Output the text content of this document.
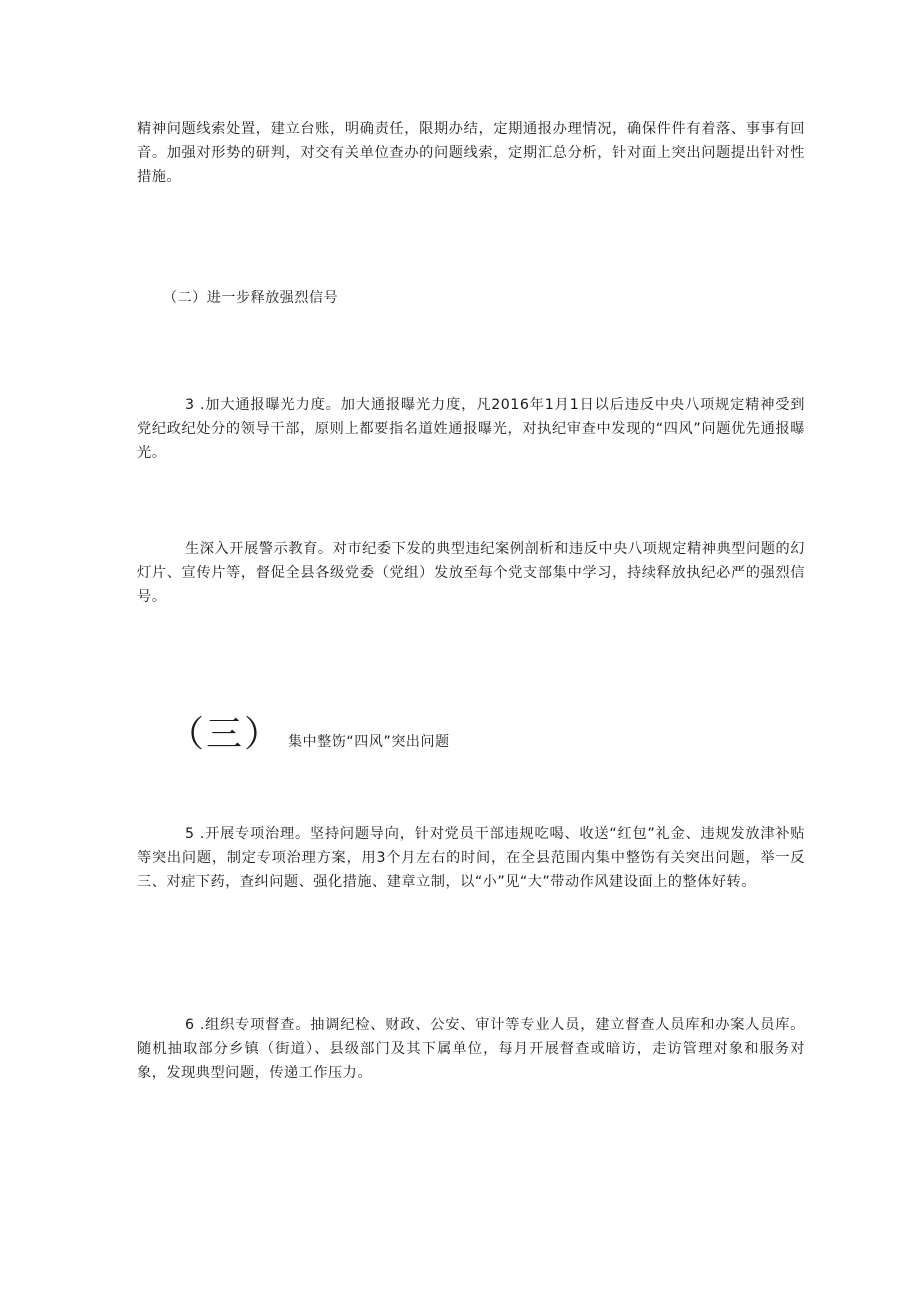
精神问题线索处置，建立台账，明确责任，限期办结，定期通报办理情况，确保件件有着落、事事有回音。加强对形势的研判，对交有关单位查办的问题线索，定期汇总分析，针对面上突出问题提出针对性措施。

（二）进一步释放强烈信号

3 .加大通报曝光力度。加大通报曝光力度，凡2016年1月1日以后违反中央八项规定精神受到党纪政纪处分的领导干部，原则上都要指名道姓通报曝光，对执纪审查中发现的“四风”问题优先通报曝光。

生深入开展警示教育。对市纪委下发的典型违纪案例剖析和违反中央八项规定精神典型问题的幻灯片、宣传片等，督促全县各级党委（党组）发放至每个党支部集中学习，持续释放执纪必严的强烈信号。

（三） 集中整饬“四风”突出问题

5 .开展专项治理。坚持问题导向，针对党员干部违规吃喝、收送“红包”礼金、违规发放津补贴等突出问题，制定专项治理方案，用3个月左右的时间，在全县范围内集中整饬有关突出问题，举一反三、对症下药，查纠问题、强化措施、建章立制，以“小”见“大”带动作风建设面上的整体好转。

6 .组织专项督查。抽调纪检、财政、公安、审计等专业人员，建立督查人员库和办案人员库。随机抽取部分乡镇（街道）、县级部门及其下属单位，每月开展督查或暗访，走访管理对象和服务对象，发现典型问题，传递工作压力。
